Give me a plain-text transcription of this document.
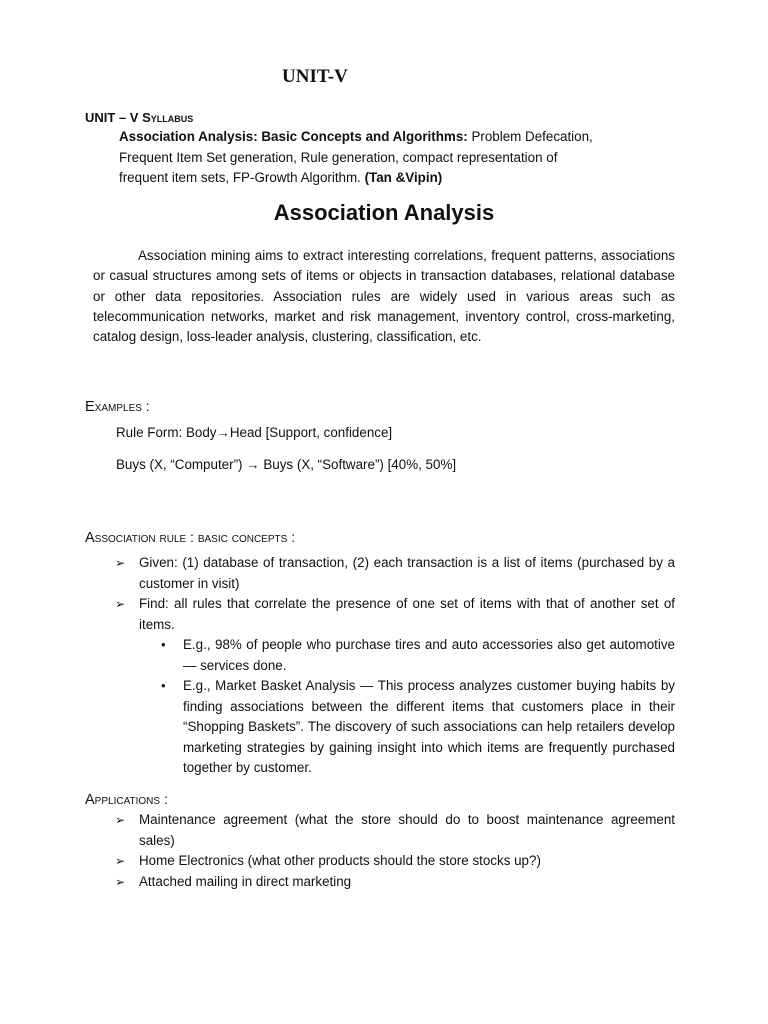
UNIT-V
UNIT – V Syllabus
Association Analysis: Basic Concepts and Algorithms: Problem Defecation, Frequent Item Set generation, Rule generation, compact representation of frequent item sets, FP-Growth Algorithm. (Tan &Vipin)
Association Analysis
Association mining aims to extract interesting correlations, frequent patterns, associations or casual structures among sets of items or objects in transaction databases, relational database or other data repositories. Association rules are widely used in various areas such as telecommunication networks, market and risk management, inventory control, cross-marketing, catalog design, loss-leader analysis, clustering, classification, etc.
Examples :
Rule Form: Body→Head [Support, confidence]
Buys (X, “Computer”) → Buys (X, “Software”) [40%, 50%]
Association rule : basic concepts :
➢ Given: (1) database of transaction, (2) each transaction is a list of items (purchased by a customer in visit)
➢ Find: all rules that correlate the presence of one set of items with that of another set of items.
• E.g., 98% of people who purchase tires and auto accessories also get automotive— services done.
• E.g., Market Basket Analysis — This process analyzes customer buying habits by finding associations between the different items that customers place in their “Shopping Baskets”. The discovery of such associations can help retailers develop marketing strategies by gaining insight into which items are frequently purchased together by customer.
Applications :
➢ Maintenance agreement (what the store should do to boost maintenance agreement sales)
➢ Home Electronics (what other products should the store stocks up?)
➢ Attached mailing in direct marketing
